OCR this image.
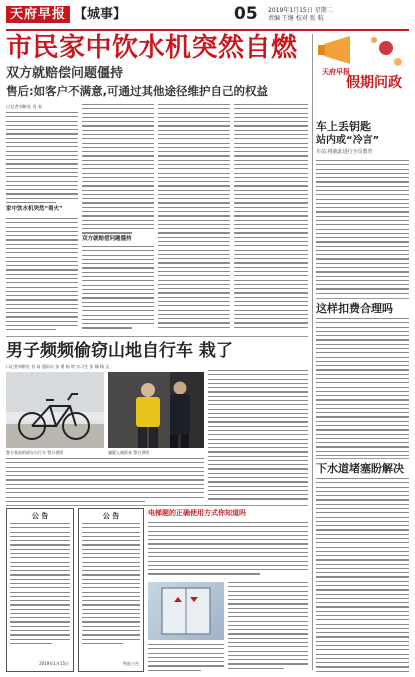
天府早报 【城事】	05 2019年1月15日 星期二
责编 王继 校对 张 航
市民家中饮水机突然自燃
双方就赔偿问题僵持
售后:如客户不满意,可通过其他途径维护自己的权益
口记者刘彬宏 肖 易
家中饮水机突然“着火”
双方就赔偿问题僵持
男子频频偷窃山地自行车 栽了
口记者刘彬宏 肖 易 通讯员 张 勇 杨 明 实习生 张 楠 杨 文
警方查扣的部分自行车 警方供图	嫌疑人被抓获 警方供图
公 告
2019年1月15日
公 告
特此公告
电梯题的正确使用方式你知道吗
天府早报
假期问政
车上丢钥匙
站内或“冷言”
车站:将就此进行全员教育
这样扣费合理吗
下水道堵塞盼解决
